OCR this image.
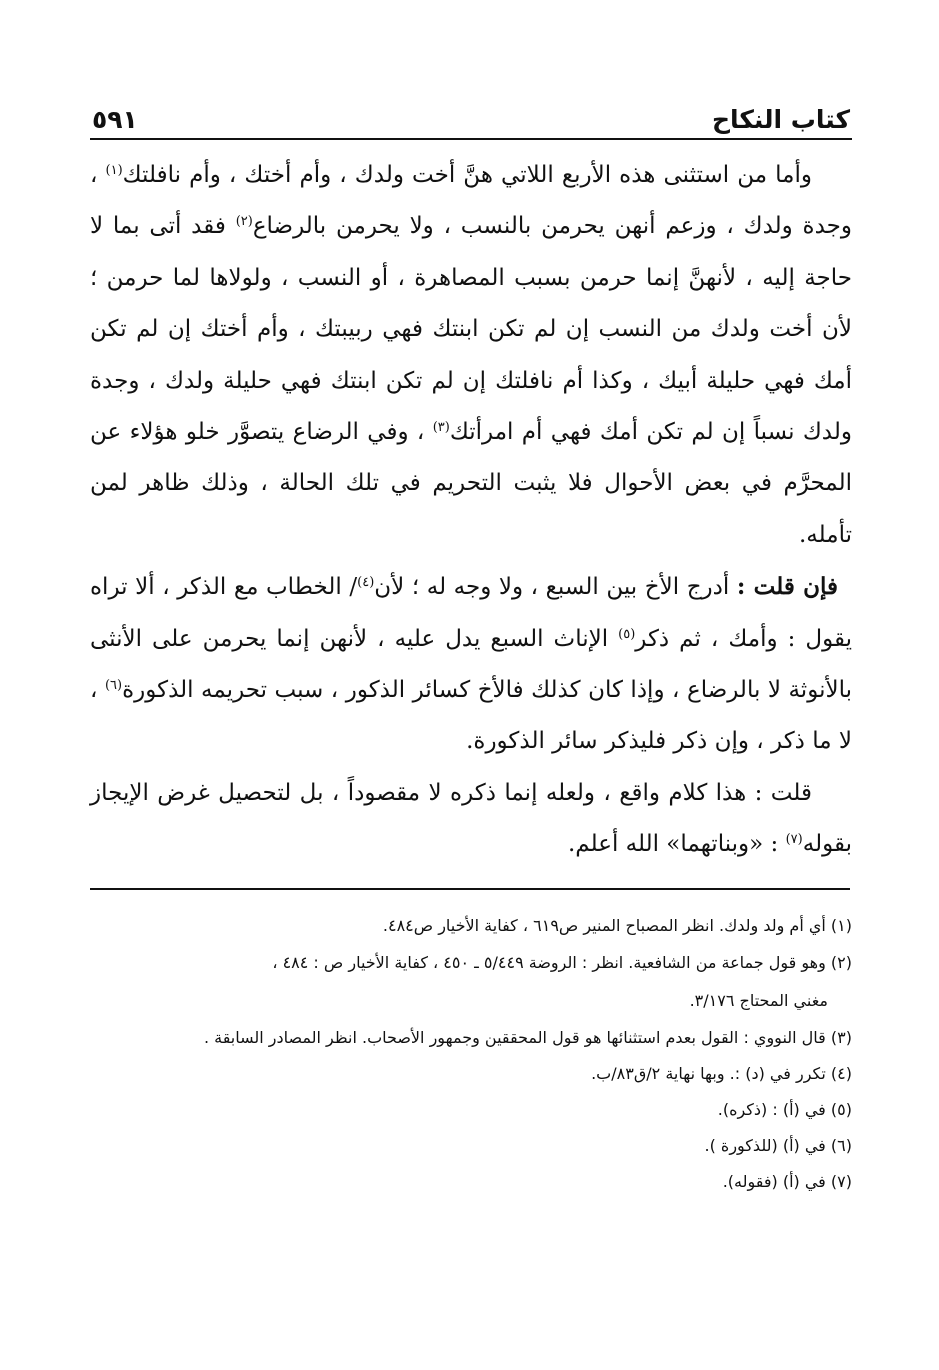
كتاب النكاح
٥٩١

وأما من استثنى هذه الأربع اللاتي هنَّ أخت ولدك ، وأم أختك ، وأم نافلتك$^{(١)}$ ، وجدة ولدك ، وزعم أنهن يحرمن بالنسب ، ولا يحرمن بالرضاع$^{(٢)}$ فقد أتى بما لا حاجة إليه ، لأنهنَّ إنما حرمن بسبب المصاهرة ، أو النسب ، ولولاها لما حرمن ؛ لأن أخت ولدك من النسب إن لم تكن ابنتك فهي ربيبتك ، وأم أختك إن لم تكن أمك فهي حليلة أبيك ، وكذا أم نافلتك إن لم تكن ابنتك فهي حليلة ولدك ، وجدة ولدك نسباً إن لم تكن أمك فهي أم امرأتك$^{(٣)}$ ، وفي الرضاع يتصوَّر خلو هؤلاء عن المحرَّم في بعض الأحوال فلا يثبت التحريم في تلك الحالة ، وذلك ظاهر لمن تأمله.

فإن قلت : أدرج الأخ بين السبع ، ولا وجه له ؛ لأن$^{(٤)}$/ الخطاب مع الذكر ، ألا تراه يقول : وأمك ، ثم ذكر$^{(٥)}$ الإناث السبع يدل عليه ، لأنهن إنما يحرمن على الأنثى بالأنوثة لا بالرضاع ، وإذا كان كذلك فالأخ كسائر الذكور ، سبب تحريمه الذكورة$^{(٦)}$ ، لا ما ذكر ، وإن ذكر فليذكر سائر الذكورة.

قلت : هذا كلام واقع ، ولعله إنما ذكره لا مقصوداً ، بل لتحصيل غرض الإيجاز بقوله$^{(٧)}$ : «وبناتهما» الله أعلم.

(١) أي أم ولد ولدك. انظر المصباح المنير ص٦١٩ ، كفاية الأخيار ص٤٨٤.

(٢) وهو قول جماعة من الشافعية. انظر : الروضة ٥/٤٤٩ ـ ٤٥٠ ، كفاية الأخيار ص : ٤٨٤ ،
مغني المحتاج ٣/١٧٦.

(٣) قال النووي : القول بعدم استثنائها هو قول المحققين وجمهور الأصحاب. انظر المصادر السابقة .

(٤) تكرر في (د) :. وبها نهاية ٢/ق٨٣/ب.

(٥) في (أ) : (ذكره).

(٦) في (أ) (للذكورة ).

(٧) في (أ) (فقوله).
